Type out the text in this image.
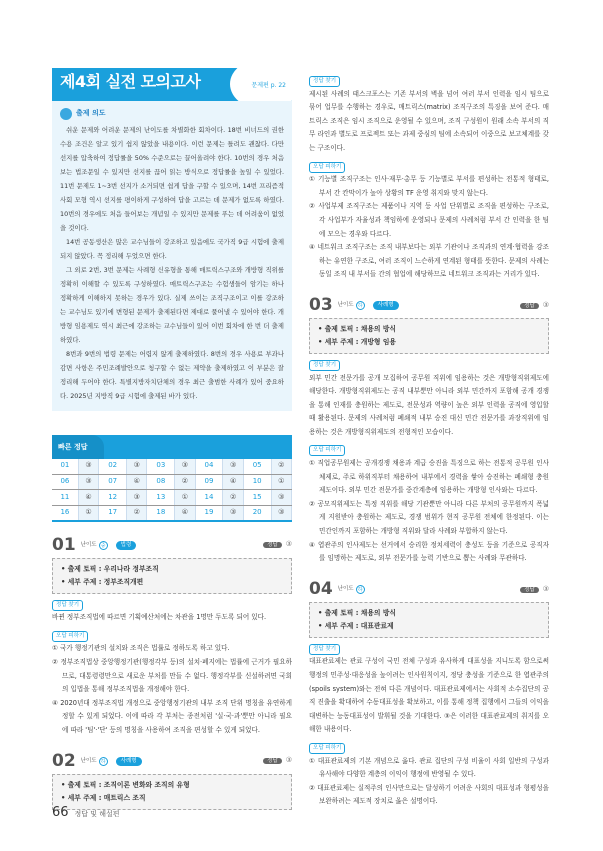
제4회 실전 모의고사	문제편 p. 22
출제 의도

쉬운 문제와 어려운 문제의 난이도를 차별화한 회차이다. 18번 비너드의 권한 수용 조건은 알고 있기 쉽지 않았을 내용이다. 이런 문제는 틀려도 괜찮다. 다만 선지를 압축하여 정답률을 50% 수준으로는 끌어올려야 한다. 10번의 경우 처음 보는 법조문일 수 있지만 선지를 끊어 읽는 방식으로 정답률을 높일 수 있었다. 11번 문제도 1~3번 선지가 소거되면 쉽게 답을 구할 수 있으며, 14번 프리즘적 사회 모형 역시 선지를 평이하게 구성하여 답을 고르는 데 문제가 없도록 하였다. 10번의 경우에도 처음 들어보는 개념일 수 있지만 문제를 푸는 데 어려움이 없었을 것이다.

14번 공동생산은 많은 교수님들이 강조하고 있음에도 국가직 9급 시험에 출제되지 않았다. 꼭 정리해 두었으면 한다.

그 외로 2번, 3번 문제는 사례형 신유형을 통해 매트릭스구조와 개방형 직위를 정확히 이해할 수 있도록 구성하였다. 매트릭스구조는 수험생들이 암기는 하나 정확하게 이해하지 못하는 경우가 있다. 실제 쓰이는 조직구조이고 이를 강조하는 교수님도 있기에 변형된 문제가 출제된다면 제대로 풀어낼 수 있어야 한다. 개방형 임용제도 역시 최근에 강조하는 교수님들이 있어 이번 회차에 한 번 더 출제하였다.

8번과 9번의 법령 문제는 어렵지 않게 출제하였다. 8번의 경우 사용료 부과나 감면 사항은 주민조례발안으로 청구할 수 없는 제약을 출제하였고 이 부분은 잘 정리해 두어야 한다. 특별지방자치단체의 경우 최근 출범한 사례가 있어 중요하다. 2025년 지방직 9급 시험에 출제된 바가 있다.

빠른 정답
01	③	02	③	03	③	04	③	05	②
06	③	07	④	08	②	09	④	10	①
11	④	12	③	13	①	14	②	15	③
16	①	17	②	18	④	19	③	20	③
01 난이도 중	법령	정답 ③
• 출제 토픽 : 우리나라 정부조직
• 세부 주제 : 정부조직개편
정답 찾기
바뀐 정부조직법에 따르면 기획예산처에는 차관을 1명만 두도록 되어 있다.
오답 피하기
① 국가 행정기관의 설치와 조직은 법률로 정하도록 하고 있다.
② 정부조직법상 중앙행정기관(행정각부 등)의 설치·폐지에는 법률에 근거가 필요하므로, 대통령령만으로 새로운 부처를 만들 수 없다. 행정각부를 신설하려면 국회의 입법을 통해 정부조직법을 개정해야 한다.
④ 2020년대 정부조직법 개정으로 중앙행정기관의 내부 조직 단위 명칭을 유연하게 정할 수 있게 되었다. 이에 따라 각 부처는 종전처럼 '실·국·과'뿐만 아니라 필요에 따라 '팀'·'단' 등의 명칭을 사용하여 조직을 편성할 수 있게 되었다.
02 난이도 하	사례형	정답 ③
• 출제 토픽 : 조직이론 변화와 조직의 유형
• 세부 주제 : 매트릭스 조직
정답 찾기
제시된 사례의 태스크포스는 기존 부서의 벽을 넘어 여러 부서 인력을 임시 팀으로 묶어 업무를 수행하는 경우로, 매트릭스(matrix) 조직구조의 특징을 보여 준다. 매트릭스 조직은 임시 조직으로 운영될 수 있으며, 조직 구성원이 원래 소속 부서의 직무 라인과 별도로 프로젝트 또는 과제 중심의 팀에 소속되어 이중으로 보고체계를 갖는 구조이다.
오답 피하기
① 기능별 조직구조는 인사·재무·총무 등 기능별로 부서를 편성하는 전통적 형태로, 부서 간 칸막이가 높아 상황의 TF 운영 취지와 맞지 않는다.
② 사업부제 조직구조는 제품이나 지역 등 사업 단위별로 조직을 편성하는 구조로, 각 사업부가 자율성과 책임하에 운영되나 문제의 사례처럼 부서 간 인력을 한 팀에 모으는 경우와 다르다.
④ 네트워크 조직구조는 조직 내부보다는 외부 기관이나 조직과의 연계·협력을 강조하는 유연한 구조로, 여러 조직이 느슨하게 연계된 형태를 뜻한다. 문제의 사례는 동일 조직 내 부서들 간의 협업에 해당하므로 네트워크 조직과는 거리가 있다.
03 난이도 하	사례형	정답 ③
• 출제 토픽 : 채용의 방식
• 세부 주제 : 개방형 임용
정답 찾기
외부 민간 전문가를 공개 모집하여 공무원 직위에 임용하는 것은 개방형직위제도에 해당한다. 개방형직위제도는 공직 내부뿐만 아니라 외부 민간까지 포함해 공개 경쟁을 통해 인재를 충원하는 제도로, 전문성과 역량이 높은 외부 인력을 공직에 영입할 때 활용된다. 문제의 사례처럼 폐쇄적 내부 승진 대신 민간 전문가를 과장직위에 임용하는 것은 개방형직위제도의 전형적인 모습이다.
오답 피하기
① 직업공무원제는 공개경쟁 채용과 계급 승진을 특징으로 하는 전통적 공무원 인사체제로, 주로 하위직부터 채용하여 내부에서 경력을 쌓아 승진하는 폐쇄형 충원제도이다. 외부 민간 전문가를 중간계층에 임용하는 개방형 인사와는 다르다.
② 공모직위제도는 특정 직위를 해당 기관뿐만 아니라 다른 부처의 공무원까지 폭넓게 지원받아 충원하는 제도로, 경쟁 범위가 현직 공무원 전체에 한정된다. 이는 민간인까지 포함하는 개방형 직위와 달라 사례와 부합하지 않는다.
④ 엽관주의 인사제도는 선거에서 승리한 정치세력이 충성도 등을 기준으로 공직자를 임명하는 제도로, 외부 전문가를 능력 기반으로 뽑는 사례와 무관하다.
04 난이도 하	정답 ③
• 출제 토픽 : 채용의 방식
• 세부 주제 : 대표관료제
정답 찾기
대표관료제는 관료 구성이 국민 전체 구성과 유사하게 대표성을 지니도록 함으로써 행정의 민주성·대응성을 높이려는 인사원칙이지, 정당 충성을 기준으로 한 엽관주의(spoils system)와는 전혀 다른 개념이다. 대표관료제에서는 사회적 소수집단의 공직 진출을 확대하여 수동대표성을 확보하고, 이를 통해 정책 집행에서 그들의 이익을 대변하는 능동대표성이 발휘될 것을 기대한다. ③은 이러한 대표관료제의 취지를 오해한 내용이다.
오답 피하기
① 대표관료제의 기본 개념으로 옳다. 관료 집단의 구성 비율이 사회 일반의 구성과 유사해야 다양한 계층의 이익이 행정에 반영될 수 있다.
② 대표관료제는 실적주의 인사만으로는 달성하기 어려운 사회의 대표성과 형평성을 보완하려는 제도적 장치로 옳은 설명이다.
66 정답 및 해설편
